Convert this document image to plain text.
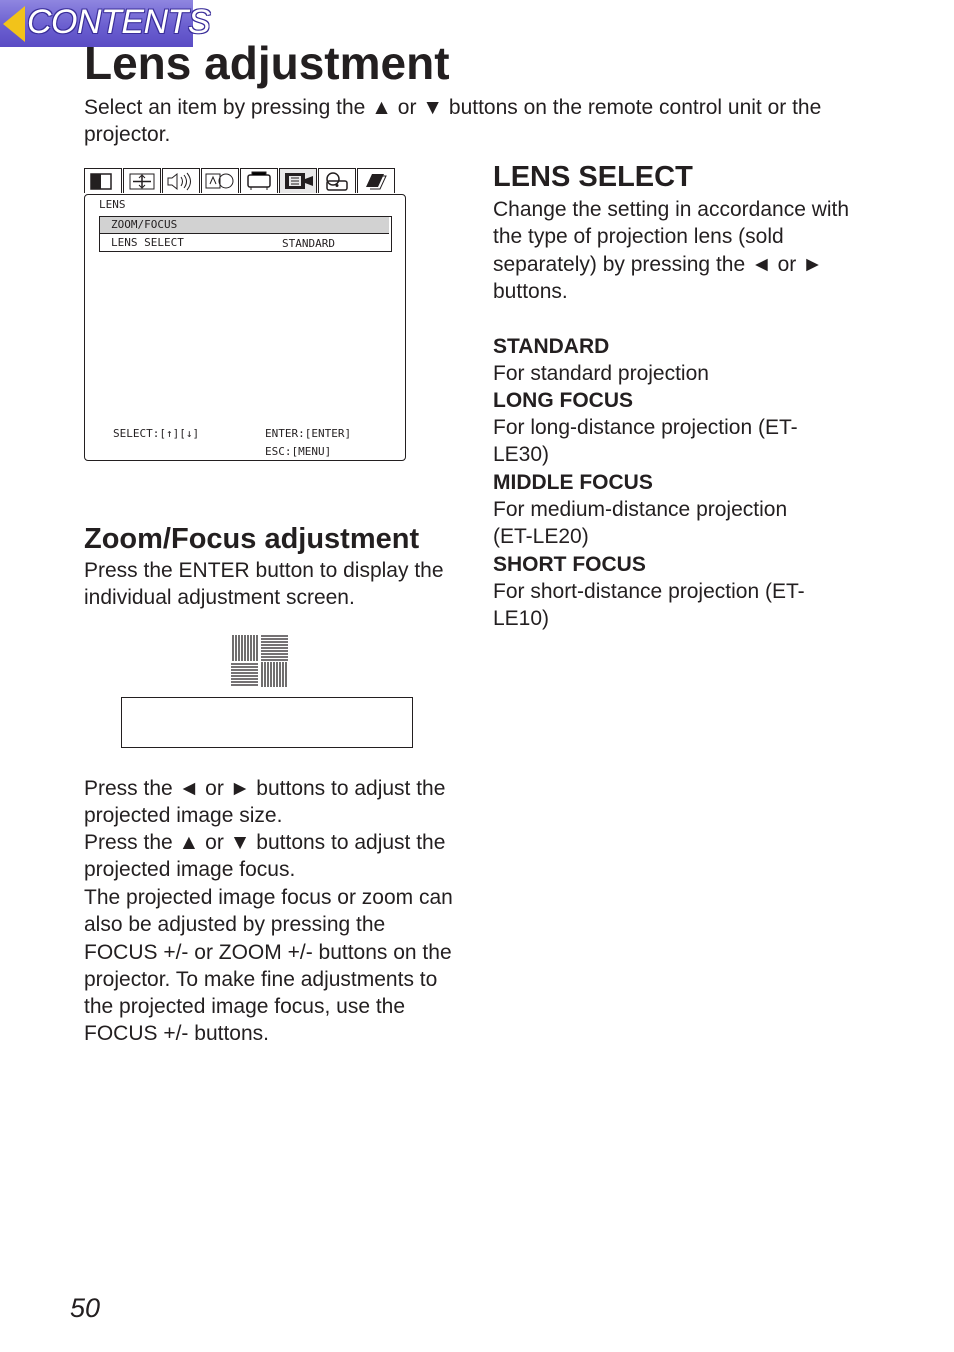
CONTENTS
Lens adjustment
Select an item by pressing the ▲ or ▼ buttons on the remote control unit or the projector.
LENS
ZOOM/FOCUS
LENS SELECT	STANDARD
SELECT:[↑][↓]	ENTER:[ENTER]
ESC:[MENU]
Zoom/Focus adjustment
Press the ENTER button to display the individual adjustment screen.
Press the ◄ or ► buttons to adjust the projected image size.
Press the ▲ or ▼ buttons to adjust the projected image focus.
The projected image focus or zoom can also be adjusted by pressing the FOCUS +/- or ZOOM +/- buttons on the projector. To make fine adjustments to the projected image focus, use the FOCUS +/- buttons.
LENS SELECT
Change the setting in accordance with the type of projection lens (sold separately) by pressing the ◄ or ► buttons.
STANDARD
For standard projection
LONG FOCUS
For long-distance projection (ET-LE30)
MIDDLE FOCUS
For medium-distance projection (ET-LE20)
SHORT FOCUS
For short-distance projection (ET-LE10)
50
